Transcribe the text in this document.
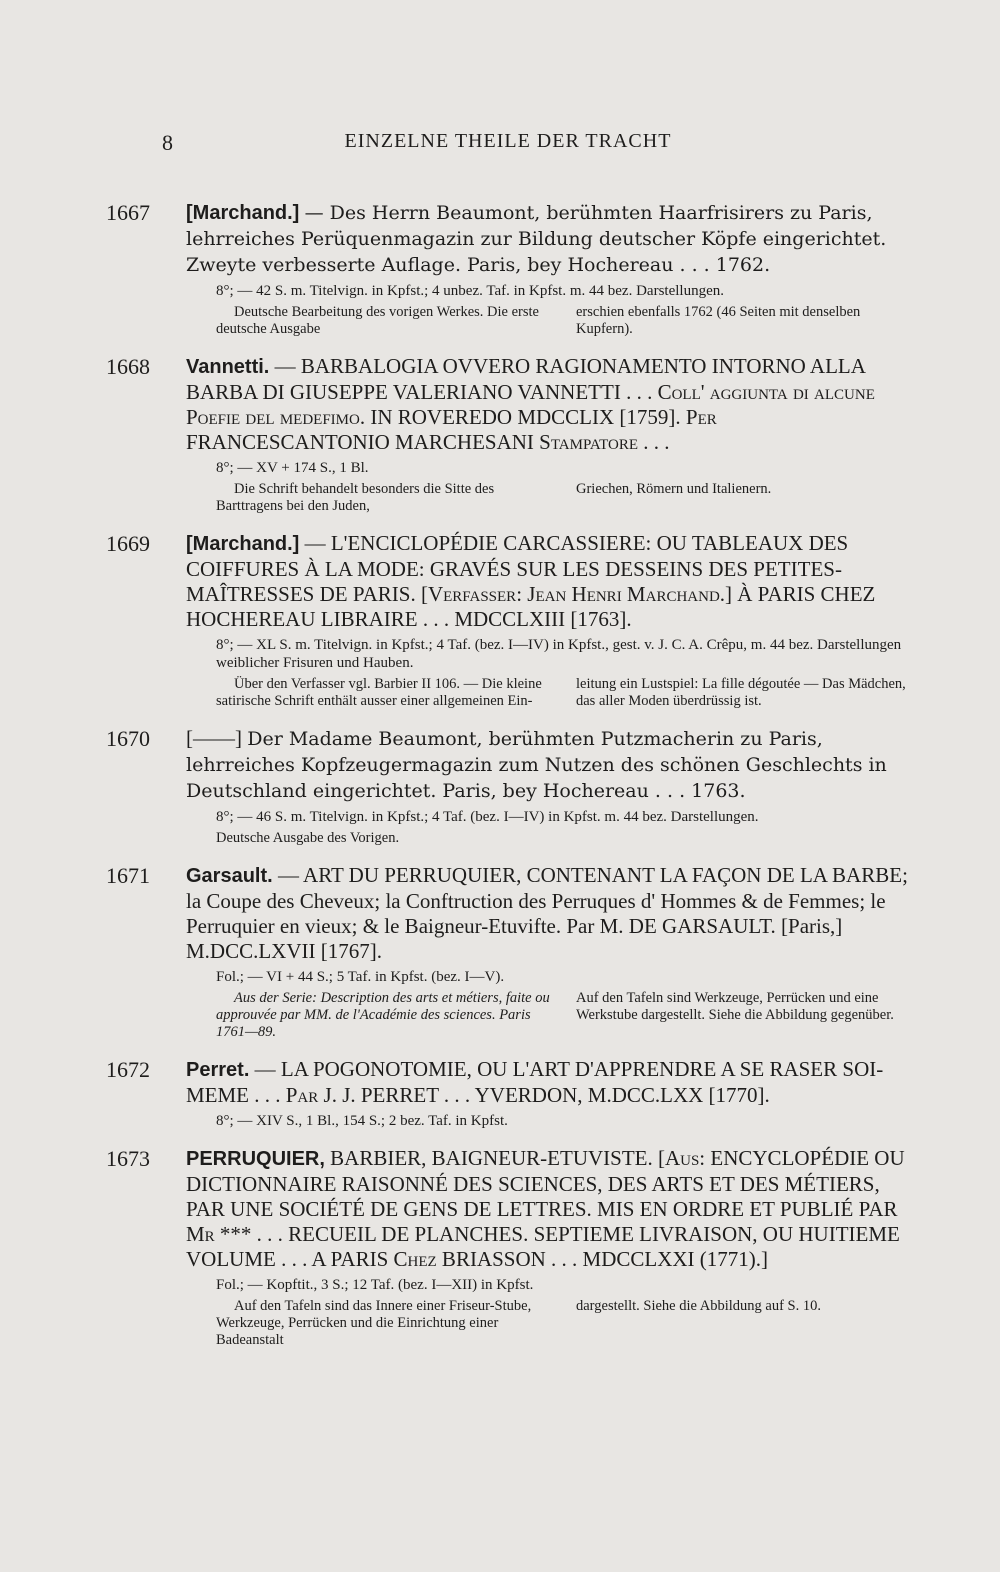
8	EINZELNE THEILE DER TRACHT
1667 [Marchand.] — Des Herrn Beaumont, berühmten Haarfrisirers zu Paris, lehrreiches Perüquenmagazin zur Bildung deutscher Köpfe eingerichtet. Zweyte verbesserte Auflage. Paris, bey Hochereau . . . 1762.
8°; — 42 S. m. Titelvign. in Kpfst.; 4 unbez. Taf. in Kpfst. m. 44 bez. Darstellungen.
Deutsche Bearbeitung des vorigen Werkes. Die erste deutsche Ausgabe
erschien ebenfalls 1762 (46 Seiten mit denselben Kupfern).
1668 Vannetti. — BARBALOGIA OVVERO RAGIONAMENTO INTORNO ALLA BARBA DI GIUSEPPE VALERIANO VANNETTI . . . Coll' aggiunta di alcune Poefie del medefimo. IN ROVEREDO MDCCLIX [1759]. Per FRANCESCANTONIO MARCHESANI Stampatore . . .
8°; — XV + 174 S., 1 Bl.
Die Schrift behandelt besonders die Sitte des Barttragens bei den Juden,
Griechen, Römern und Italienern.
1669 [Marchand.] — L'ENCICLOPÉDIE CARCASSIERE: OU TABLEAUX DES COIFFURES À LA MODE: GRAVÉS SUR LES DESSEINS DES PETITES-MAÎTRESSES DE PARIS. [Verfasser: Jean Henri Marchand.] À PARIS CHEZ HOCHEREAU LIBRAIRE . . . MDCCLXIII [1763].
8°; — XL S. m. Titelvign. in Kpfst.; 4 Taf. (bez. I—IV) in Kpfst., gest. v. J. C. A. Crêpu, m. 44 bez. Darstellungen weiblicher Frisuren und Hauben.
Über den Verfasser vgl. Barbier II 106. — Die kleine satirische Schrift enthält ausser einer allgemeinen Ein-
leitung ein Lustspiel: La fille dégoutée — Das Mädchen, das aller Moden überdrüssig ist.
1670 [——] Der Madame Beaumont, berühmten Putzmacherin zu Paris, lehrreiches Kopfzeugermagazin zum Nutzen des schönen Geschlechts in Deutschland eingerichtet. Paris, bey Hochereau . . . 1763.
8°; — 46 S. m. Titelvign. in Kpfst.; 4 Taf. (bez. I—IV) in Kpfst. m. 44 bez. Darstellungen.
Deutsche Ausgabe des Vorigen.
1671 Garsault. — ART DU PERRUQUIER, CONTENANT LA FAÇON DE LA BARBE; la Coupe des Cheveux; la Conftruction des Perruques d' Hommes & de Femmes; le Perruquier en vieux; & le Baigneur-Etuvifte. Par M. DE GARSAULT. [Paris,] M.DCC.LXVII [1767].
Fol.; — VI + 44 S.; 5 Taf. in Kpfst. (bez. I—V).
Aus der Serie: Description des arts et métiers, faite ou approuvée par MM. de l'Académie des sciences. Paris 1761—89.
Auf den Tafeln sind Werkzeuge, Perrücken und eine Werkstube dargestellt. Siehe die Abbildung gegenüber.
1672 Perret. — LA POGONOTOMIE, OU L'ART D'APPRENDRE A SE RASER SOI-MEME . . . Par J. J. PERRET . . . YVERDON, M.DCC.LXX [1770].
8°; — XIV S., 1 Bl., 154 S.; 2 bez. Taf. in Kpfst.
1673 PERRUQUIER, BARBIER, BAIGNEUR-ETUVISTE. [Aus: ENCYCLOPÉDIE OU DICTIONNAIRE RAISONNÉ DES SCIENCES, DES ARTS ET DES MÉTIERS, PAR UNE SOCIÉTÉ DE GENS DE LETTRES. MIS EN ORDRE ET PUBLIÉ PAR Mr *** . . . RECUEIL DE PLANCHES. SEPTIEME LIVRAISON, OU HUITIEME VOLUME . . . A PARIS Chez BRIASSON . . . MDCCLXXI (1771).]
Fol.; — Kopftit., 3 S.; 12 Taf. (bez. I—XII) in Kpfst.
Auf den Tafeln sind das Innere einer Friseur-Stube, Werkzeuge, Perrücken und die Einrichtung einer Badeanstalt
dargestellt. Siehe die Abbildung auf S. 10.
